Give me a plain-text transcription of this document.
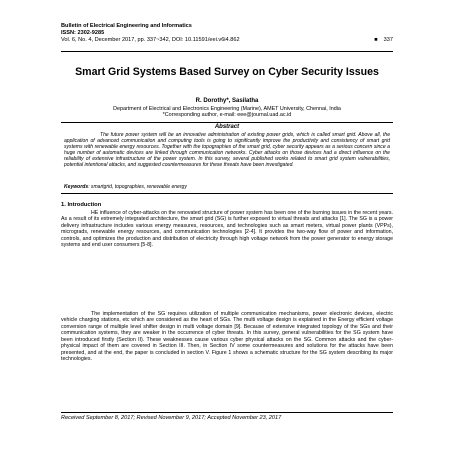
Bulletin of Electrical Engineering and Informatics
ISSN: 2302-9285
Vol. 6, No. 4, December 2017, pp. 337~342, DOI: 10.11591/eei.v6i4.862	■ 337
Smart Grid Systems Based Survey on Cyber Security Issues
R. Dorothy*, Sasilatha
Department of Electrical and Electronics Engineering (Marine), AMET University, Chennai, India
*Corresponding author, e-mail: eee@journal.uad.ac.id
Abstract
The future power system will be an innovative administration of existing power grids, which is called smart grid. Above all, the application of advanced communication and computing tools is going to significantly improve the productivity and consistency of smart grid systems with renewable energy resources. Together with the topographies of the smart grid, cyber security appears as a serious concern since a huge number of automatic devices are linked through communication networks. Cyber attacks on those devices had a direct influence on the reliability of extensive infrastructure of the power system. In this survey, several published works related to smart grid system vulnerabilities, potential intentional attacks, and suggested countermeasures for these threats have been investigated.
Keywords: smartgrid, topographies, renewable energy
1. Introduction
HE influence of cyber-attacks on the renovated structure of power system has been one of the burning issues in the recent years. As a result of its extremely integrated architecture, the smart grid (SG) is further exposed to virtual threats and attacks [1]. The SG is a power delivery infrastructure includes various energy measures, resources, and technologies such as smart meters, virtual power plants (VPPs), micrograds, renewable energy resources, and communication technologies [2-4]. It provides the two-way flow of power and information, controls, and optimizes the production and distribution of electricity through high voltage network from the power generator to energy storage systems and end user consumers [5-8].
The implementation of the SG requires utilization of multiple communication mechanisms, power electronic devices, electric vehicle charging stations, etc which are considered as the heart of SGs. The multi voltage design is explained in the Energy efficient voltage conversion range of multiple level shifter design in multi voltage domain [9]. Because of extensive integrated topology of the SGs and their communication systems, they are weaker in the occurrence of cyber threats. In this survey, general vulnerabilities for the SG system have been introduced firstly (Section II). These weaknesses cause various cyber physical attacks on the SG. Common attacks and the cyber-physical impact of them are covered in Section III. Then, in Section IV some countermeasures and solutions for the attacks have been presented, and at the end, the paper is concluded in section V. Figure 1 shows a schematic structure for the SG system describing its major technologies.
Received September 8, 2017; Revised November 9, 2017; Accepted November 23, 2017
